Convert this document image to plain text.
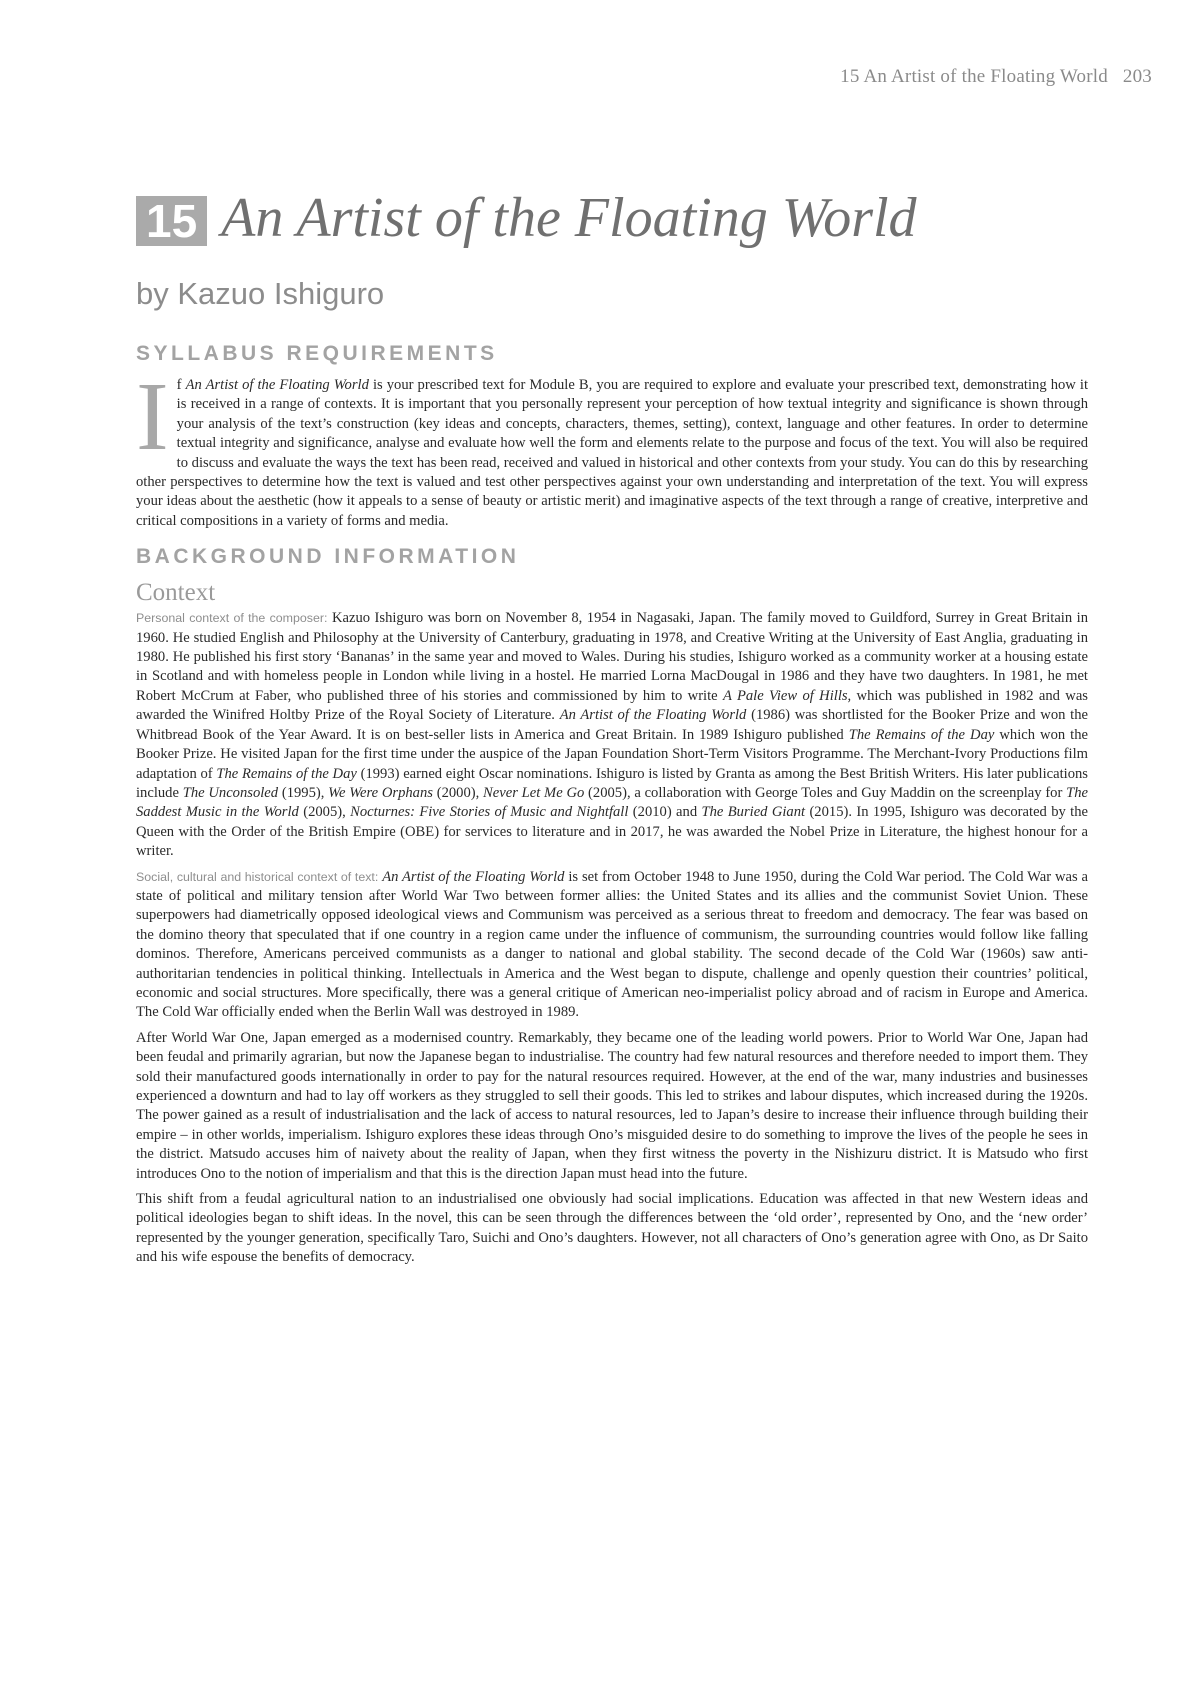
15 An Artist of the Floating World 203
15 An Artist of the Floating World
by Kazuo Ishiguro
SYLLABUS REQUIREMENTS

If An Artist of the Floating World is your prescribed text for Module B, you are required to explore and evaluate your prescribed text, demonstrating how it is received in a range of contexts. It is important that you personally represent your perception of how textual integrity and significance is shown through your analysis of the text’s construction (key ideas and concepts, characters, themes, setting), context, language and other features. In order to determine textual integrity and significance, analyse and evaluate how well the form and elements relate to the purpose and focus of the text. You will also be required to discuss and evaluate the ways the text has been read, received and valued in historical and other contexts from your study. You can do this by researching other perspectives to determine how the text is valued and test other perspectives against your own understanding and interpretation of the text. You will express your ideas about the aesthetic (how it appeals to a sense of beauty or artistic merit) and imaginative aspects of the text through a range of creative, interpretive and critical compositions in a variety of forms and media.

BACKGROUND INFORMATION
Context

Personal context of the composer: Kazuo Ishiguro was born on November 8, 1954 in Nagasaki, Japan. The family moved to Guildford, Surrey in Great Britain in 1960. He studied English and Philosophy at the University of Canterbury, graduating in 1978, and Creative Writing at the University of East Anglia, graduating in 1980. He published his first story ‘Bananas’ in the same year and moved to Wales. During his studies, Ishiguro worked as a community worker at a housing estate in Scotland and with homeless people in London while living in a hostel. He married Lorna MacDougal in 1986 and they have two daughters. In 1981, he met Robert McCrum at Faber, who published three of his stories and commissioned by him to write A Pale View of Hills, which was published in 1982 and was awarded the Winifred Holtby Prize of the Royal Society of Literature. An Artist of the Floating World (1986) was shortlisted for the Booker Prize and won the Whitbread Book of the Year Award. It is on best-seller lists in America and Great Britain. In 1989 Ishiguro published The Remains of the Day which won the Booker Prize. He visited Japan for the first time under the auspice of the Japan Foundation Short-Term Visitors Programme. The Merchant-Ivory Productions film adaptation of The Remains of the Day (1993) earned eight Oscar nominations. Ishiguro is listed by Granta as among the Best British Writers. His later publications include The Unconsoled (1995), We Were Orphans (2000), Never Let Me Go (2005), a collaboration with George Toles and Guy Maddin on the screenplay for The Saddest Music in the World (2005), Nocturnes: Five Stories of Music and Nightfall (2010) and The Buried Giant (2015). In 1995, Ishiguro was decorated by the Queen with the Order of the British Empire (OBE) for services to literature and in 2017, he was awarded the Nobel Prize in Literature, the highest honour for a writer.

Social, cultural and historical context of text: An Artist of the Floating World is set from October 1948 to June 1950, during the Cold War period. The Cold War was a state of political and military tension after World War Two between former allies: the United States and its allies and the communist Soviet Union. These superpowers had diametrically opposed ideological views and Communism was perceived as a serious threat to freedom and democracy. The fear was based on the domino theory that speculated that if one country in a region came under the influence of communism, the surrounding countries would follow like falling dominos. Therefore, Americans perceived communists as a danger to national and global stability. The second decade of the Cold War (1960s) saw anti-authoritarian tendencies in political thinking. Intellectuals in America and the West began to dispute, challenge and openly question their countries’ political, economic and social structures. More specifically, there was a general critique of American neo-imperialist policy abroad and of racism in Europe and America. The Cold War officially ended when the Berlin Wall was destroyed in 1989.

After World War One, Japan emerged as a modernised country. Remarkably, they became one of the leading world powers. Prior to World War One, Japan had been feudal and primarily agrarian, but now the Japanese began to industrialise. The country had few natural resources and therefore needed to import them. They sold their manufactured goods internationally in order to pay for the natural resources required. However, at the end of the war, many industries and businesses experienced a downturn and had to lay off workers as they struggled to sell their goods. This led to strikes and labour disputes, which increased during the 1920s. The power gained as a result of industrialisation and the lack of access to natural resources, led to Japan’s desire to increase their influence through building their empire – in other worlds, imperialism. Ishiguro explores these ideas through Ono’s misguided desire to do something to improve the lives of the people he sees in the district. Matsudo accuses him of naivety about the reality of Japan, when they first witness the poverty in the Nishizuru district. It is Matsudo who first introduces Ono to the notion of imperialism and that this is the direction Japan must head into the future.

This shift from a feudal agricultural nation to an industrialised one obviously had social implications. Education was affected in that new Western ideas and political ideologies began to shift ideas. In the novel, this can be seen through the differences between the ‘old order’, represented by Ono, and the ‘new order’ represented by the younger generation, specifically Taro, Suichi and Ono’s daughters. However, not all characters of Ono’s generation agree with Ono, as Dr Saito and his wife espouse the benefits of democracy.
